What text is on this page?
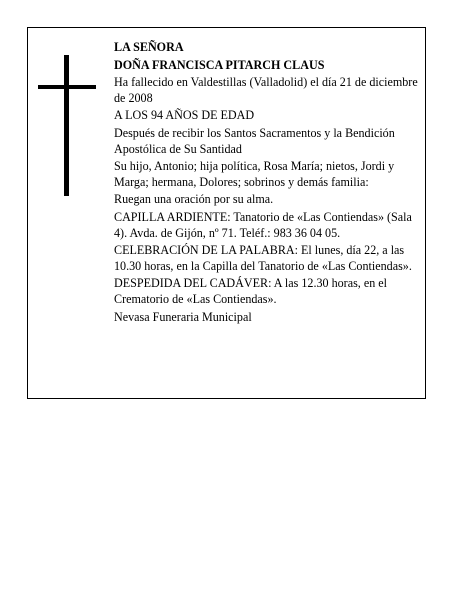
LA SEÑORA

DOÑA FRANCISCA PITARCH CLAUS

Ha fallecido en Valdestillas (Valladolid) el día 21 de diciembre de 2008

A LOS 94 AÑOS DE EDAD

Después de recibir los Santos Sacramentos y la Bendición Apostólica de Su Santidad

Su hijo, Antonio; hija política, Rosa María; nietos, Jordi y Marga; hermana, Dolores; sobrinos y demás familia:

Ruegan una oración por su alma.

CAPILLA ARDIENTE: Tanatorio de «Las Contiendas» (Sala 4). Avda. de Gijón, nº 71. Teléf.: 983 36 04 05.

CELEBRACIÓN DE LA PALABRA: El lunes, día 22, a las 10.30 horas, en la Capilla del Tanatorio de «Las Contiendas».

DESPEDIDA DEL CADÁVER: A las 12.30 horas, en el Crematorio de «Las Contiendas».

Nevasa Funeraria Municipal
